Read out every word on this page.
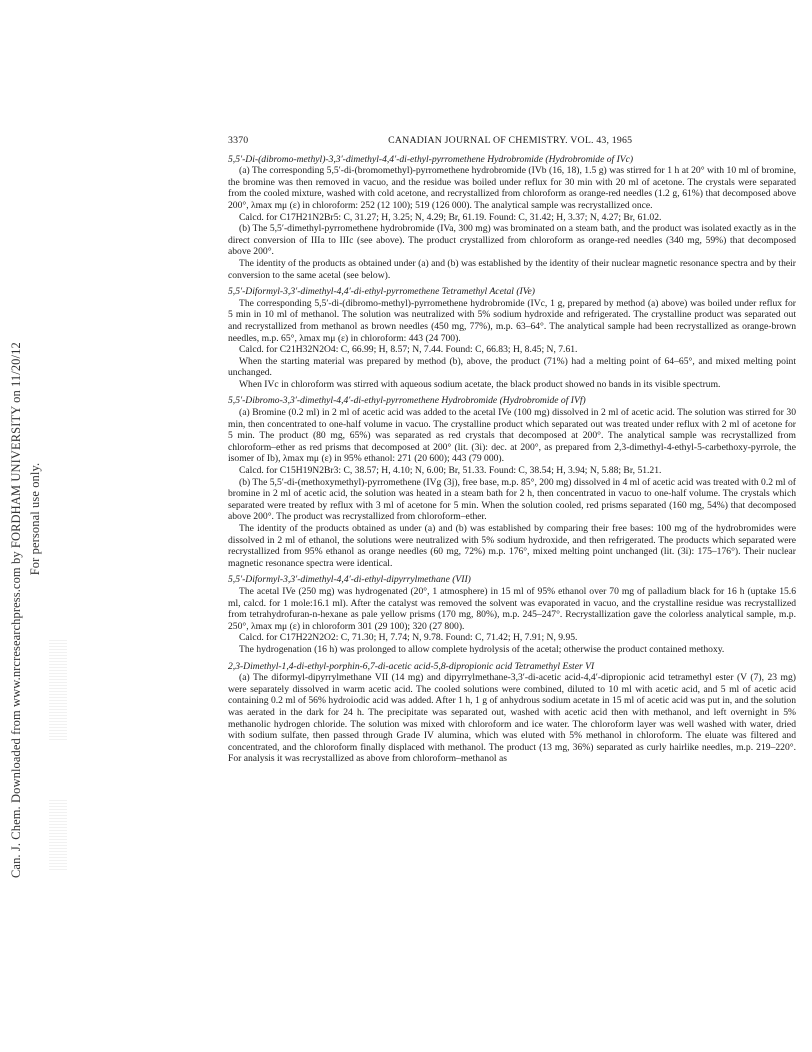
Can. J. Chem. Downloaded from www.nrcresearchpress.com by FORDHAM UNIVERSITY on 11/20/12 For personal use only.
3370	CANADIAN JOURNAL OF CHEMISTRY. VOL. 43, 1965
5,5′-Di-(dibromo-methyl)-3,3′-dimethyl-4,4′-di-ethyl-pyrromethene Hydrobromide (Hydrobromide of IVc)

(a) The corresponding 5,5′-di-(bromomethyl)-pyrromethene hydrobromide (IVb (16, 18), 1.5 g) was stirred for 1 h at 20° with 10 ml of bromine, the bromine was then removed in vacuo, and the residue was boiled under reflux for 30 min with 20 ml of acetone. The crystals were separated from the cooled mixture, washed with cold acetone, and recrystallized from chloroform as orange-red needles (1.2 g, 61%) that decomposed above 200°, λmax mμ (ε) in chloroform: 252 (12 100); 519 (126 000). The analytical sample was recrystallized once.

Calcd. for C17H21N2Br5: C, 31.27; H, 3.25; N, 4.29; Br, 61.19. Found: C, 31.42; H, 3.37; N, 4.27; Br, 61.02.

(b) The 5,5′-dimethyl-pyrromethene hydrobromide (IVa, 300 mg) was brominated on a steam bath, and the product was isolated exactly as in the direct conversion of IIIa to IIIc (see above). The product crystallized from chloroform as orange-red needles (340 mg, 59%) that decomposed above 200°.

The identity of the products as obtained under (a) and (b) was established by the identity of their nuclear magnetic resonance spectra and by their conversion to the same acetal (see below).

5,5′-Diformyl-3,3′-dimethyl-4,4′-di-ethyl-pyrromethene Tetramethyl Acetal (IVe)

The corresponding 5,5′-di-(dibromo-methyl)-pyrromethene hydrobromide (IVc, 1 g, prepared by method (a) above) was boiled under reflux for 5 min in 10 ml of methanol. The solution was neutralized with 5% sodium hydroxide and refrigerated. The crystalline product was separated out and recrystallized from methanol as brown needles (450 mg, 77%), m.p. 63–64°. The analytical sample had been recrystallized as orange-brown needles, m.p. 65°, λmax mμ (ε) in chloroform: 443 (24 700).

Calcd. for C21H32N2O4: C, 66.99; H, 8.57; N, 7.44. Found: C, 66.83; H, 8.45; N, 7.61.

When the starting material was prepared by method (b), above, the product (71%) had a melting point of 64–65°, and mixed melting point unchanged.

When IVc in chloroform was stirred with aqueous sodium acetate, the black product showed no bands in its visible spectrum.

5,5′-Dibromo-3,3′-dimethyl-4,4′-di-ethyl-pyrromethene Hydrobromide (Hydrobromide of IVf)

(a) Bromine (0.2 ml) in 2 ml of acetic acid was added to the acetal IVe (100 mg) dissolved in 2 ml of acetic acid. The solution was stirred for 30 min, then concentrated to one-half volume in vacuo. The crystalline product which separated out was treated under reflux with 2 ml of acetone for 5 min. The product (80 mg, 65%) was separated as red crystals that decomposed at 200°. The analytical sample was recrystallized from chloroform–ether as red prisms that decomposed at 200° (lit. (3i): dec. at 200°, as prepared from 2,3-dimethyl-4-ethyl-5-carbethoxy-pyrrole, the isomer of Ib), λmax mμ (ε) in 95% ethanol: 271 (20 600); 443 (79 000).

Calcd. for C15H19N2Br3: C, 38.57; H, 4.10; N, 6.00; Br, 51.33. Found: C, 38.54; H, 3.94; N, 5.88; Br, 51.21.

(b) The 5,5′-di-(methoxymethyl)-pyrromethene (IVg (3j), free base, m.p. 85°, 200 mg) dissolved in 4 ml of acetic acid was treated with 0.2 ml of bromine in 2 ml of acetic acid, the solution was heated in a steam bath for 2 h, then concentrated in vacuo to one-half volume. The crystals which separated were treated by reflux with 3 ml of acetone for 5 min. When the solution cooled, red prisms separated (160 mg, 54%) that decomposed above 200°. The product was recrystallized from chloroform–ether.

The identity of the products obtained as under (a) and (b) was established by comparing their free bases: 100 mg of the hydrobromides were dissolved in 2 ml of ethanol, the solutions were neutralized with 5% sodium hydroxide, and then refrigerated. The products which separated were recrystallized from 95% ethanol as orange needles (60 mg, 72%) m.p. 176°, mixed melting point unchanged (lit. (3i): 175–176°). Their nuclear magnetic resonance spectra were identical.

5,5′-Diformyl-3,3′-dimethyl-4,4′-di-ethyl-dipyrrylmethane (VII)

The acetal IVe (250 mg) was hydrogenated (20°, 1 atmosphere) in 15 ml of 95% ethanol over 70 mg of palladium black for 16 h (uptake 15.6 ml, calcd. for 1 mole:16.1 ml). After the catalyst was removed the solvent was evaporated in vacuo, and the crystalline residue was recrystallized from tetrahydrofuran-n-hexane as pale yellow prisms (170 mg, 80%), m.p. 245–247°. Recrystallization gave the colorless analytical sample, m.p. 250°, λmax mμ (ε) in chloroform 301 (29 100); 320 (27 800).

Calcd. for C17H22N2O2: C, 71.30; H, 7.74; N, 9.78. Found: C, 71.42; H, 7.91; N, 9.95.

The hydrogenation (16 h) was prolonged to allow complete hydrolysis of the acetal; otherwise the product contained methoxy.

2,3-Dimethyl-1,4-di-ethyl-porphin-6,7-di-acetic acid-5,8-dipropionic acid Tetramethyl Ester VI

(a) The diformyl-dipyrrylmethane VII (14 mg) and dipyrrylmethane-3,3′-di-acetic acid-4,4′-dipropionic acid tetramethyl ester (V (7), 23 mg) were separately dissolved in warm acetic acid. The cooled solutions were combined, diluted to 10 ml with acetic acid, and 5 ml of acetic acid containing 0.2 ml of 56% hydroiodic acid was added. After 1 h, 1 g of anhydrous sodium acetate in 15 ml of acetic acid was put in, and the solution was aerated in the dark for 24 h. The precipitate was separated out, washed with acetic acid then with methanol, and left overnight in 5% methanolic hydrogen chloride. The solution was mixed with chloroform and ice water. The chloroform layer was well washed with water, dried with sodium sulfate, then passed through Grade IV alumina, which was eluted with 5% methanol in chloroform. The eluate was filtered and concentrated, and the chloroform finally displaced with methanol. The product (13 mg, 36%) separated as curly hairlike needles, m.p. 219–220°. For analysis it was recrystallized as above from chloroform–methanol as
